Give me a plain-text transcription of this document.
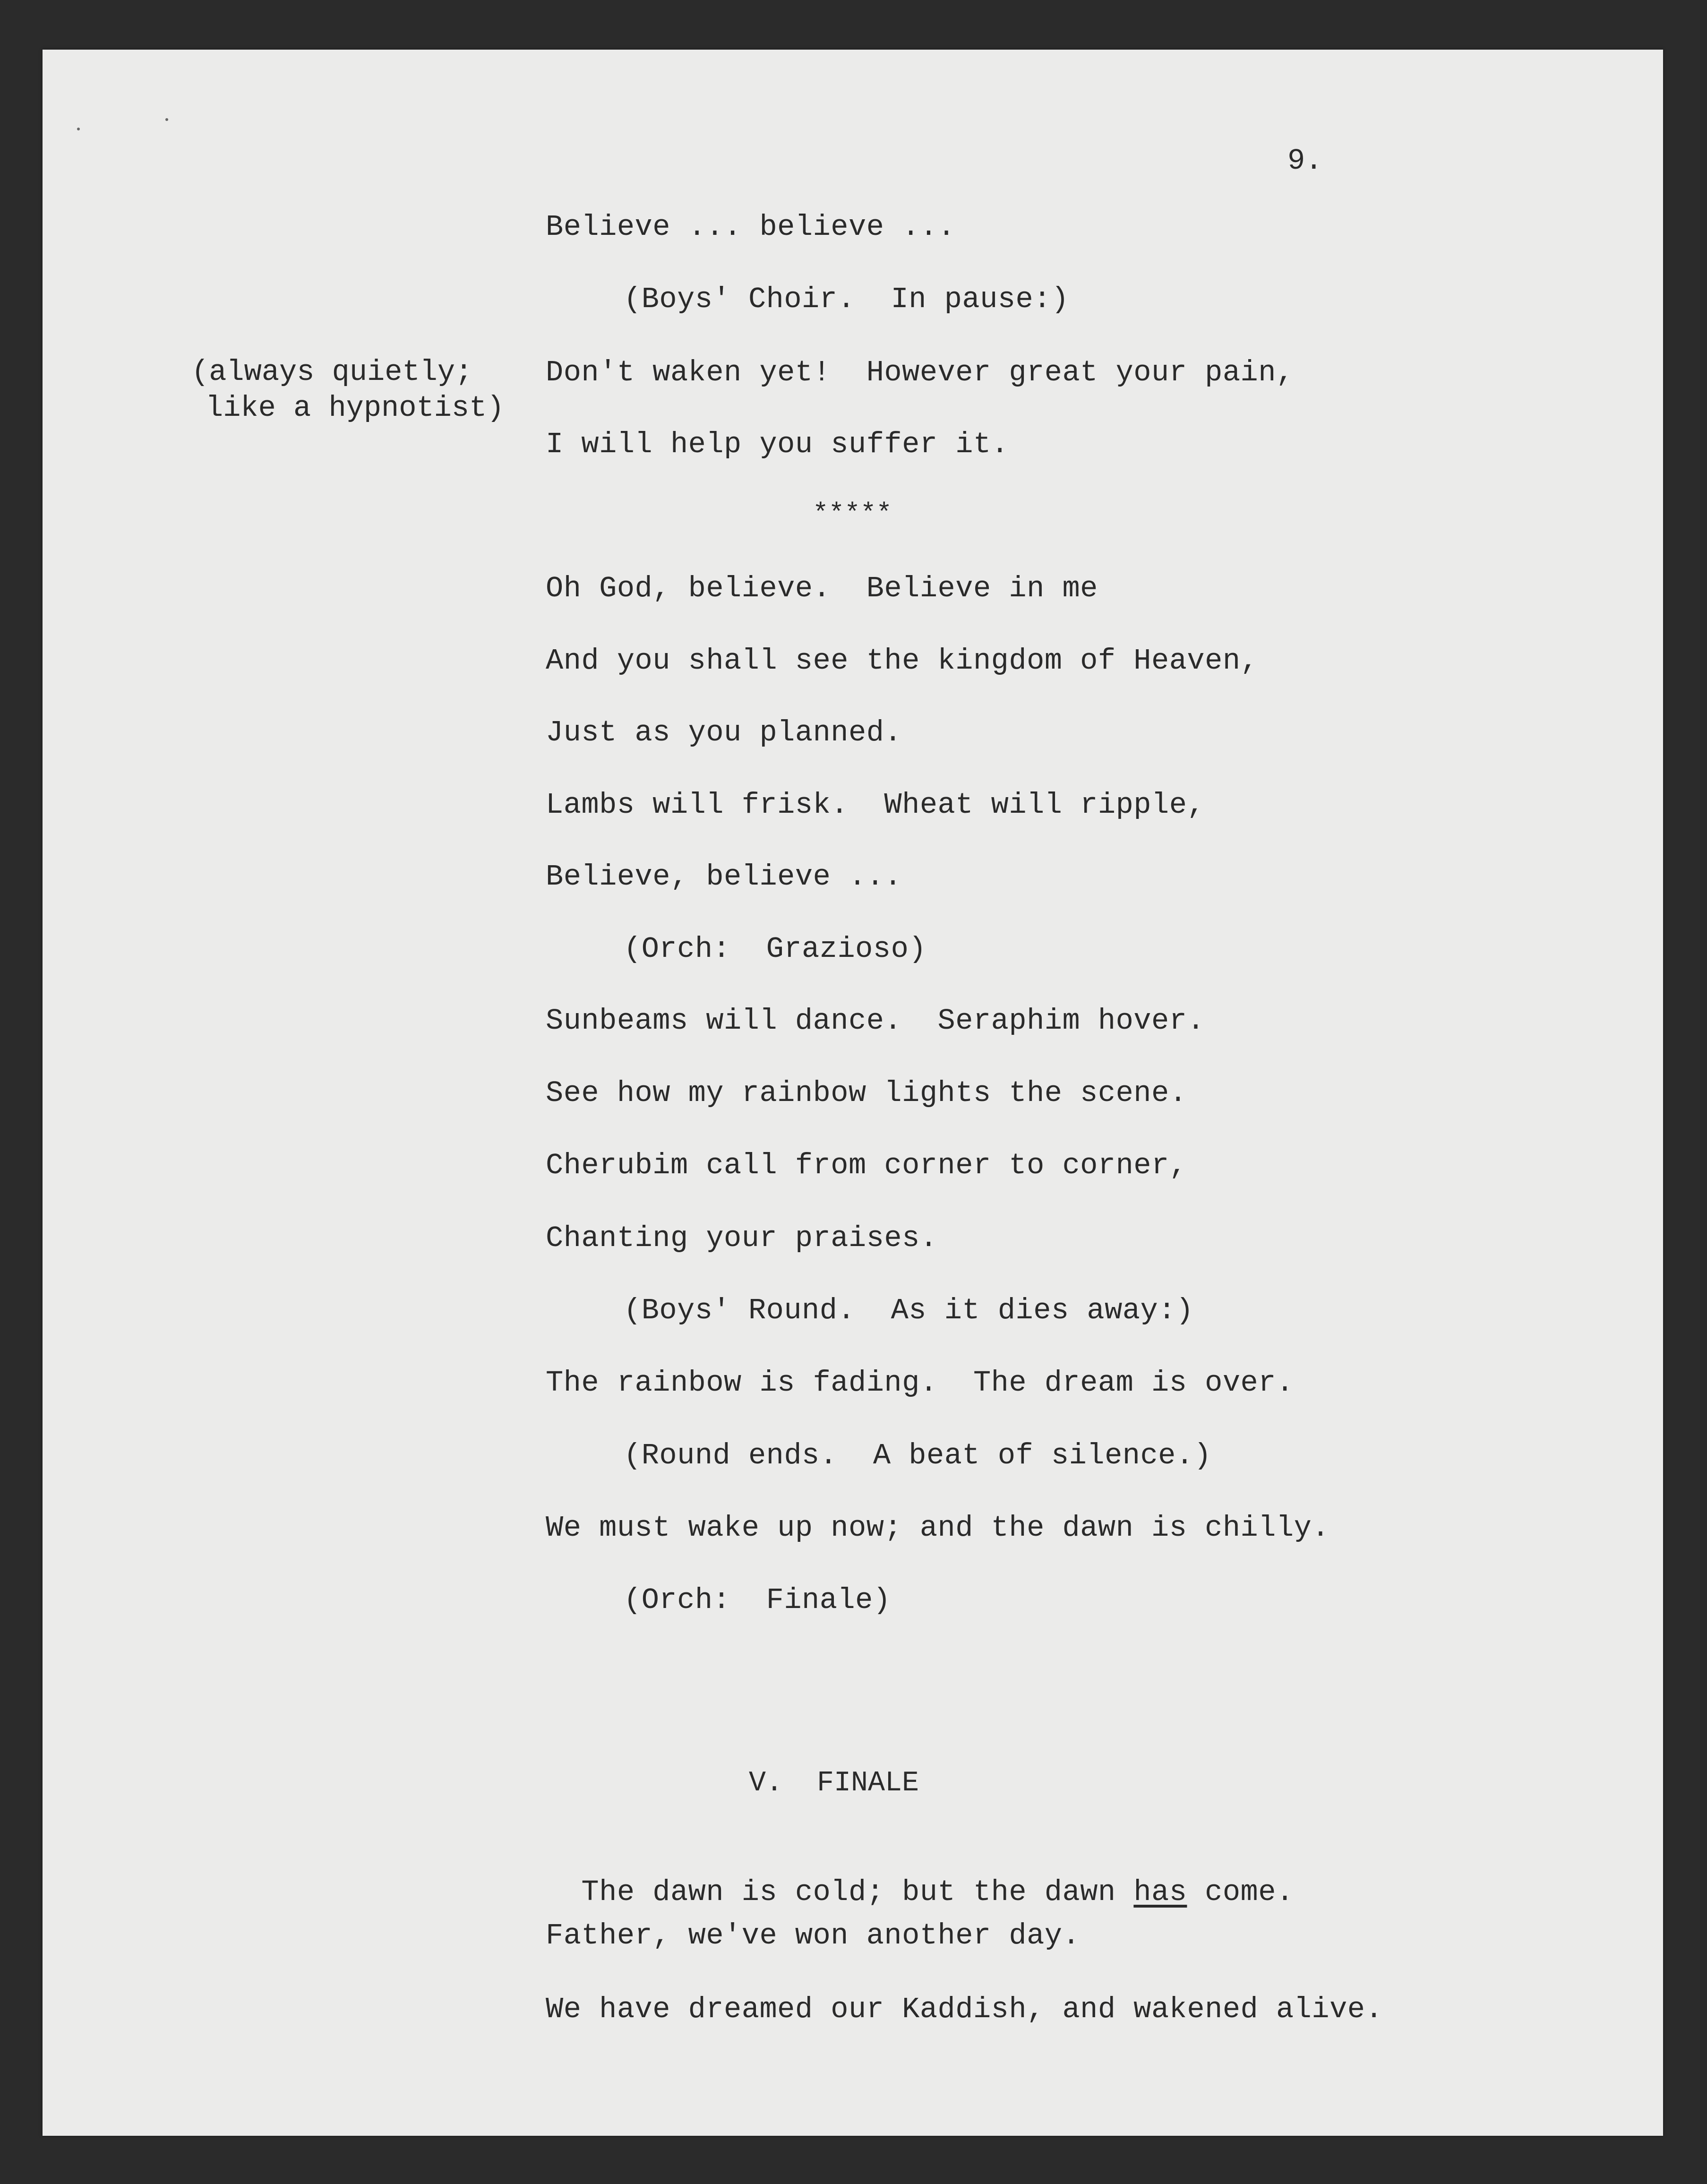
9.
Believe ... believe ...
(Boys' Choir.  In pause:)

(always quietly;

like a hypnotist)

Don't waken yet!  However great your pain,
I will help you suffer it.
*****
Oh God, believe.  Believe in me
And you shall see the kingdom of Heaven,
Just as you planned.
Lambs will frisk.  Wheat will ripple,
Believe, believe ...
(Orch:  Grazioso)
Sunbeams will dance.  Seraphim hover.
See how my rainbow lights the scene.
Cherubim call from corner to corner,
Chanting your praises.
(Boys' Round.  As it dies away:)
The rainbow is fading.  The dream is over.
(Round ends.  A beat of silence.)
We must wake up now; and the dawn is chilly.
(Orch:  Finale)
V.  FINALE

The dawn is cold; but the dawn has come.

Father, we've won another day.
We have dreamed our Kaddish, and wakened alive.
